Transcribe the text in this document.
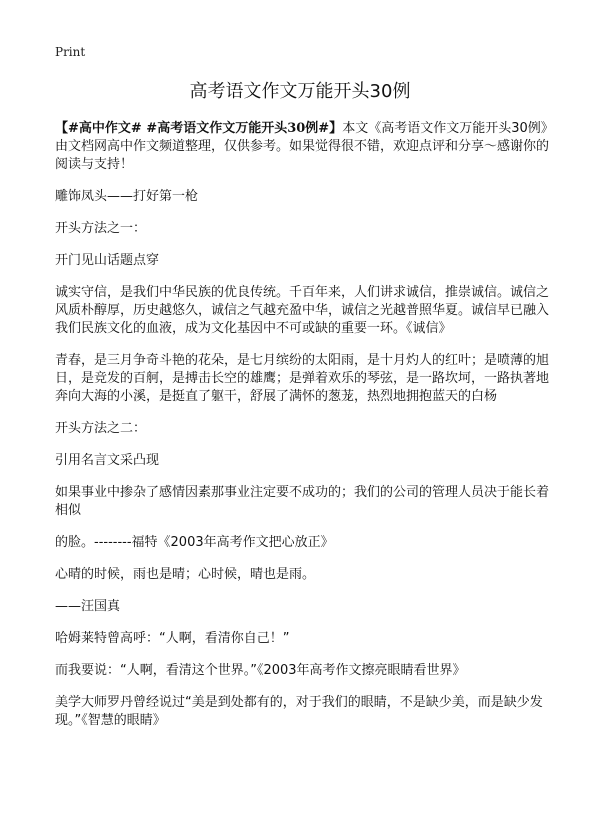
Print
高考语文作文万能开头30例

【#高中作文# #高考语文作文万能开头30例#】本文《高考语文作文万能开头30例》由文档网高中作文频道整理，仅供参考。如果觉得很不错，欢迎点评和分享～感谢你的阅读与支持！

雕饰凤头——打好第一枪

开头方法之一：

开门见山话题点穿

诚实守信，是我们中华民族的优良传统。千百年来，人们讲求诚信，推崇诚信。诚信之风质朴醇厚，历史越悠久，诚信之气越充盈中华，诚信之光越普照华夏。诚信早已融入我们民族文化的血液，成为文化基因中不可或缺的重要一环。《诚信》

青春，是三月争奇斗艳的花朵，是七月缤纷的太阳雨，是十月灼人的红叶；是喷薄的旭日，是竞发的百舸，是搏击长空的雄鹰；是弹着欢乐的琴弦，是一路坎坷，一路执著地奔向大海的小溪，是挺直了躯干，舒展了满怀的葱茏，热烈地拥抱蓝天的白杨

开头方法之二：

引用名言文采凸现

如果事业中掺杂了感情因素那事业注定要不成功的；我们的公司的管理人员决于能长着相似

的脸。--------福特《2003年高考作文把心放正》

心晴的时候，雨也是晴；心时候，晴也是雨。

——汪国真

哈姆莱特曾高呼：“人啊，看清你自己！”

而我要说：“人啊，看清这个世界。”《2003年高考作文擦亮眼睛看世界》

美学大师罗丹曾经说过“美是到处都有的，对于我们的眼睛，不是缺少美，而是缺少发现。”《智慧的眼睛》
